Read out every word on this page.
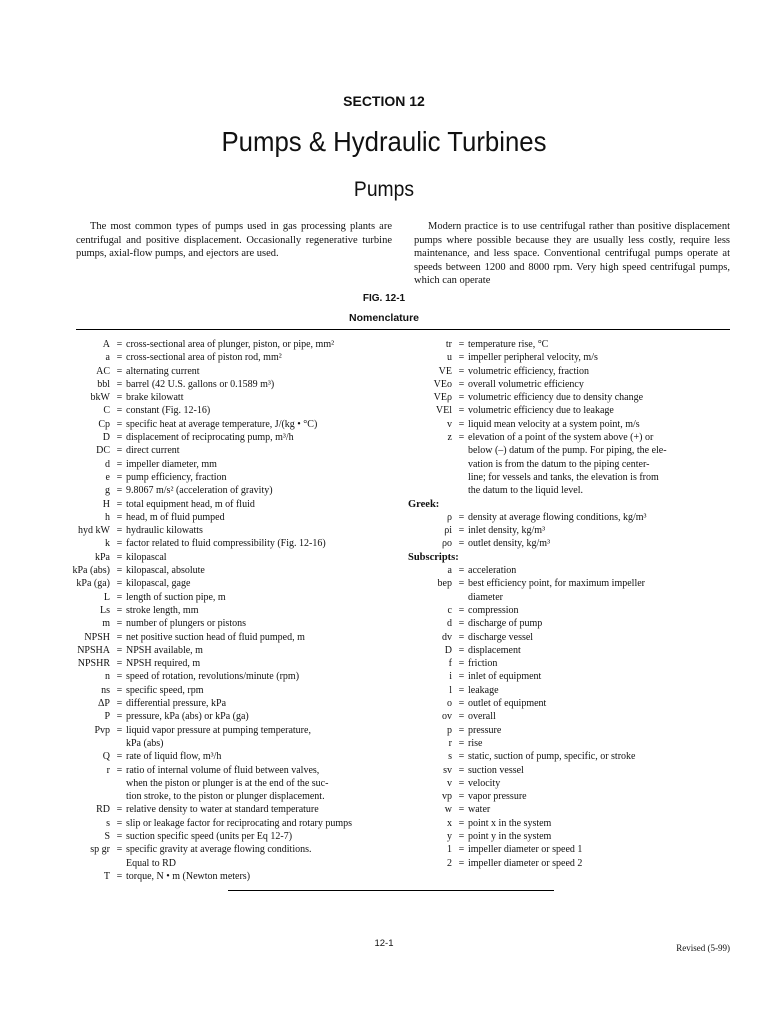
SECTION 12
Pumps & Hydraulic Turbines
Pumps
The most common types of pumps used in gas processing plants are centrifugal and positive displacement. Occasionally regenerative turbine pumps, axial-flow pumps, and ejectors are used.
Modern practice is to use centrifugal rather than positive displacement pumps where possible because they are usually less costly, require less maintenance, and less space. Conventional centrifugal pumps operate at speeds between 1200 and 8000 rpm. Very high speed centrifugal pumps, which can operate
FIG. 12-1
Nomenclature
A = cross-sectional area of plunger, piston, or pipe, mm²
a = cross-sectional area of piston rod, mm²
AC = alternating current
bbl = barrel (42 U.S. gallons or 0.1589 m³)
bkW = brake kilowatt
C = constant (Fig. 12-16)
Cp = specific heat at average temperature, J/(kg • °C)
D = displacement of reciprocating pump, m³/h
DC = direct current
d = impeller diameter, mm
e = pump efficiency, fraction
g = 9.8067 m/s² (acceleration of gravity)
H = total equipment head, m of fluid
h = head, m of fluid pumped
hyd kW = hydraulic kilowatts
k = factor related to fluid compressibility (Fig. 12-16)
kPa = kilopascal
kPa (abs) = kilopascal, absolute
kPa (ga) = kilopascal, gage
L = length of suction pipe, m
Ls = stroke length, mm
m = number of plungers or pistons
NPSH = net positive suction head of fluid pumped, m
NPSHA = NPSH available, m
NPSHR = NPSH required, m
n = speed of rotation, revolutions/minute (rpm)
ns = specific speed, rpm
ΔP = differential pressure, kPa
P = pressure, kPa (abs) or kPa (ga)
Pvp = liquid vapor pressure at pumping temperature,
kPa (abs)
Q = rate of liquid flow, m³/h
r = ratio of internal volume of fluid between valves,
when the piston or plunger is at the end of the suc-
tion stroke, to the piston or plunger displacement.
RD = relative density to water at standard temperature
s = slip or leakage factor for reciprocating and rotary pumps
S = suction specific speed (units per Eq 12-7)
sp gr = specific gravity at average flowing conditions.
Equal to RD
T = torque, N • m (Newton meters)
tr = temperature rise, °C
u = impeller peripheral velocity, m/s
VE = volumetric efficiency, fraction
VEo = overall volumetric efficiency
VEρ = volumetric efficiency due to density change
VEl = volumetric efficiency due to leakage
v = liquid mean velocity at a system point, m/s
z = elevation of a point of the system above (+) or
below (–) datum of the pump. For piping, the ele-
vation is from the datum to the piping center-
line; for vessels and tanks, the elevation is from
the datum to the liquid level.
Greek:
ρ = density at average flowing conditions, kg/m³
ρi = inlet density, kg/m³
ρo = outlet density, kg/m³
Subscripts:
a = acceleration
bep = best efficiency point, for maximum impeller
diameter
c = compression
d = discharge of pump
dv = discharge vessel
D = displacement
f = friction
i = inlet of equipment
l = leakage
o = outlet of equipment
ov = overall
p = pressure
r = rise
s = static, suction of pump, specific, or stroke
sv = suction vessel
v = velocity
vp = vapor pressure
w = water
x = point x in the system
y = point y in the system
1 = impeller diameter or speed 1
2 = impeller diameter or speed 2
12-1	Revised (5-99)
